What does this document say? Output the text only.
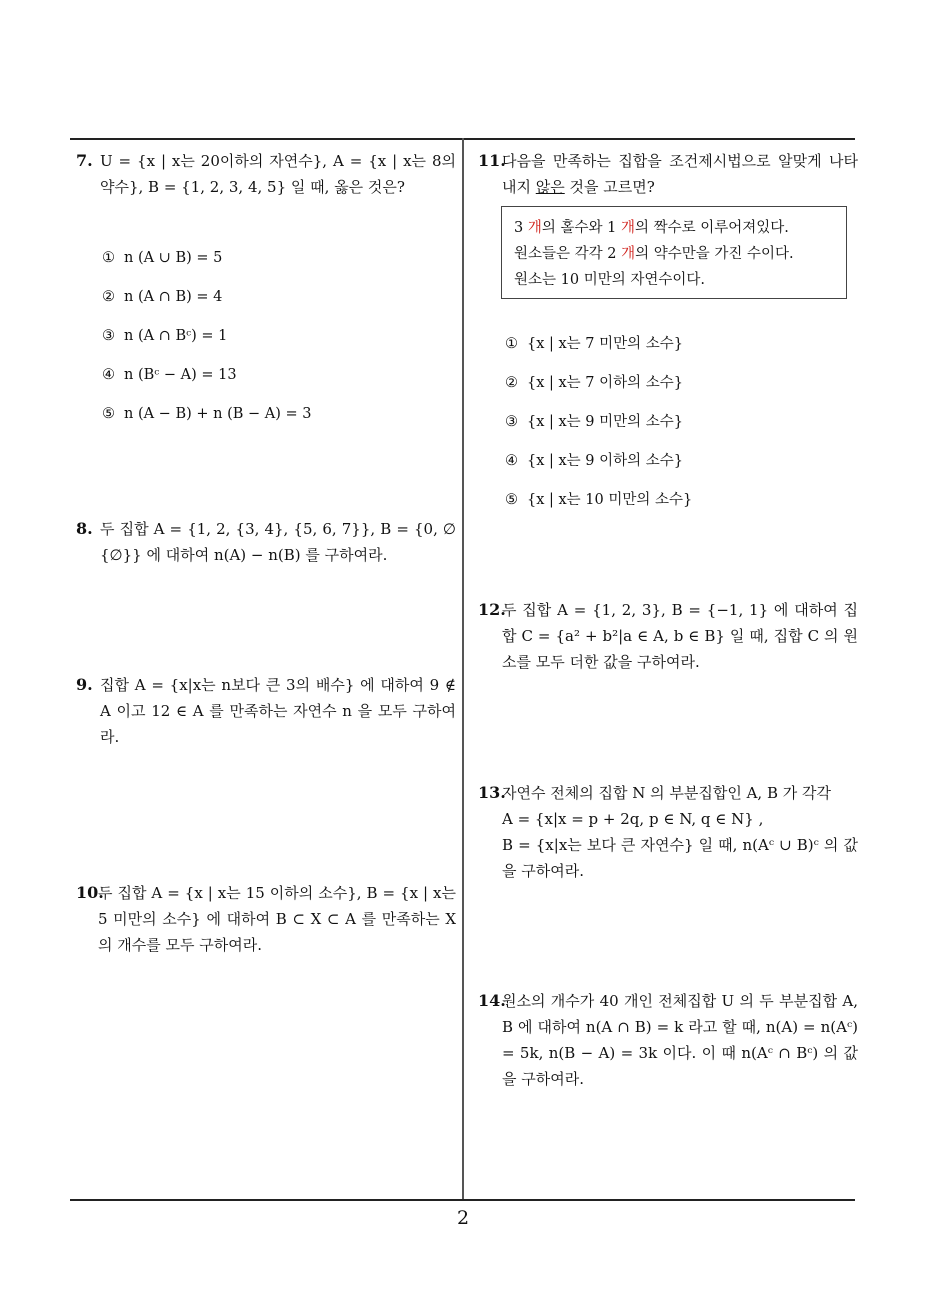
7. U = {x | x는 20이하의 자연수}, A = {x | x는 8의 약수}, B = {1, 2, 3, 4, 5} 일 때, 옳은 것은?
① n (A ∪ B) = 5
② n (A ∩ B) = 4
③ n (A ∩ Bᶜ) = 1
④ n (Bᶜ − A) = 13
⑤ n (A − B) + n (B − A) = 3
8. 두 집합 A = {1, 2, {3, 4}, {5, 6, 7}}, B = {0, ∅ {∅}} 에 대하여 n(A) − n(B) 를 구하여라.
9. 집합 A = {x|x는 n보다 큰 3의 배수} 에 대하여 9 ∉ A 이고 12 ∈ A 를 만족하는 자연수 n 을 모두 구하여라.
10.
두 집합 A = {x | x는 15 이하의 소수}, B = {x | x는 5 미만의 소수} 에 대하여 B ⊂ X ⊂ A 를 만족하는 X 의 개수를 모두 구하여라.
11.
다음을 만족하는 집합을 조건제시법으로 알맞게 나타내지 않은 것을 고르면?
3 개의 홀수와 1 개의 짝수로 이루어져있다.
원소들은 각각 2 개의 약수만을 가진 수이다.
원소는 10 미만의 자연수이다.
① {x | x는 7 미만의 소수}
② {x | x는 7 이하의 소수}
③ {x | x는 9 미만의 소수}
④ {x | x는 9 이하의 소수}
⑤ {x | x는 10 미만의 소수}
12.
두 집합 A = {1, 2, 3}, B = {−1, 1} 에 대하여 집합 C = {a² + b²|a ∈ A, b ∈ B} 일 때, 집합 C 의 원소를 모두 더한 값을 구하여라.
13.
자연수 전체의 집합 N 의 부분집합인 A, B 가 각각
A = {x|x = p + 2q, p ∈ N, q ∈ N} ,
B = {x|x는 보다 큰 자연수} 일 때, n(Aᶜ ∪ B)ᶜ 의 값을 구하여라.
14.
원소의 개수가 40 개인 전체집합 U 의 두 부분집합 A, B 에 대하여 n(A ∩ B) = k 라고 할 때, n(A) = n(Aᶜ) = 5k, n(B − A) = 3k 이다. 이 때 n(Aᶜ ∩ Bᶜ) 의 값을 구하여라.
2
